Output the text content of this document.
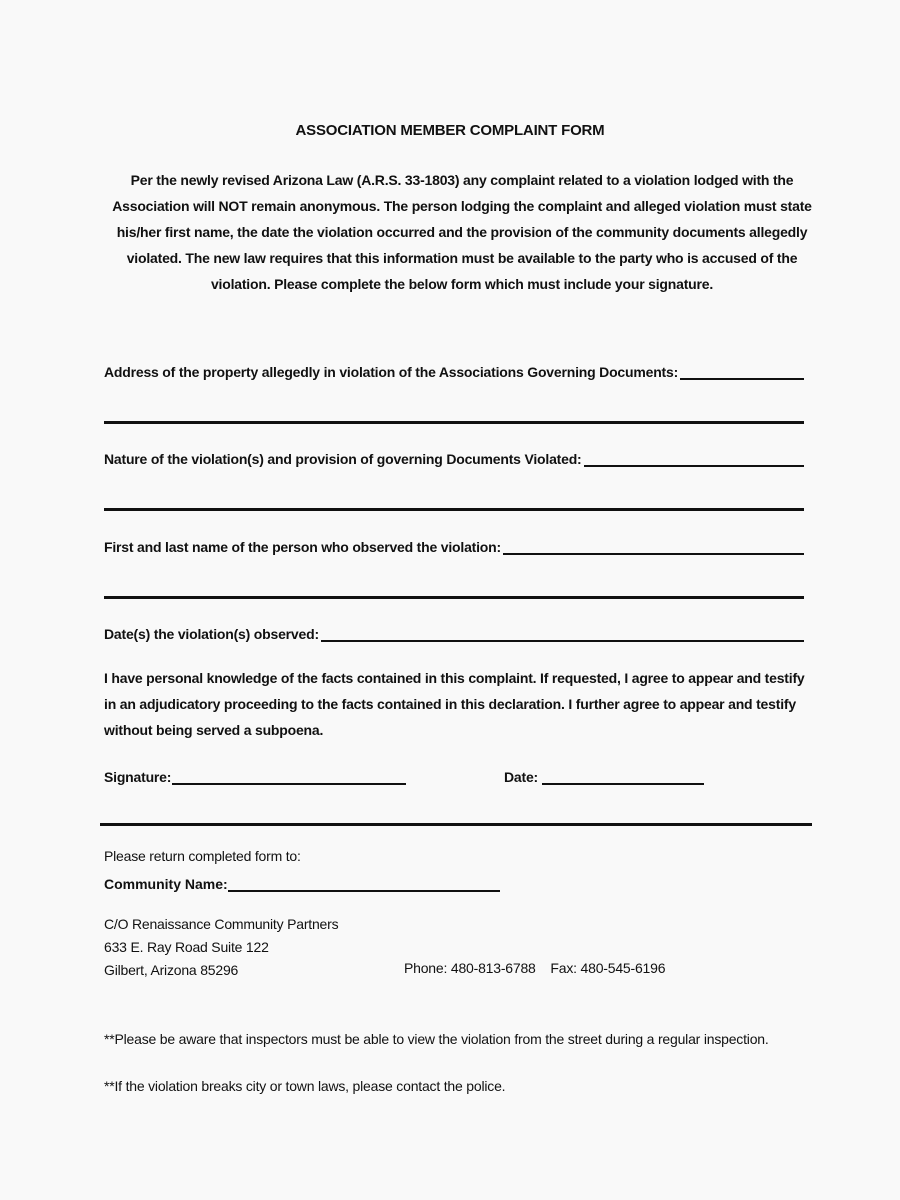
ASSOCIATION MEMBER COMPLAINT FORM
Per the newly revised Arizona Law (A.R.S. 33-1803) any complaint related to a violation lodged with the Association will NOT remain anonymous. The person lodging the complaint and alleged violation must state his/her first name, the date the violation occurred and the provision of the community documents allegedly violated. The new law requires that this information must be available to the party who is accused of the violation. Please complete the below form which must include your signature.
Address of the property allegedly in violation of the Associations Governing Documents:
Nature of the violation(s) and provision of governing Documents Violated:
First and last name of the person who observed the violation:
Date(s) the violation(s) observed:
I have personal knowledge of the facts contained in this complaint. If requested, I agree to appear and testify in an adjudicatory proceeding to the facts contained in this declaration. I further agree to appear and testify without being served a subpoena.
Signature:	Date:
Please return completed form to:
Community Name:
C/O Renaissance Community Partners
633 E. Ray Road Suite 122
Gilbert, Arizona 85296	Phone: 480-813-6788    Fax: 480-545-6196
**Please be aware that inspectors must be able to view the violation from the street during a regular inspection.
**If the violation breaks city or town laws, please contact the police.
